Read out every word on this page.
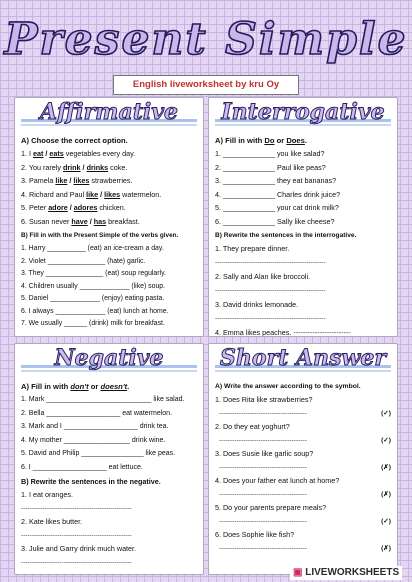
Present Simple
English liveworksheet by kru Oy
Affirmative
A) Choose the correct option.
1. I eat / eats vegetables every day.
2. You rarely drink / drinks coke.
3. Pamela like / likes strawberries.
4. Richard and Paul like / likes watermelon.
5. Peter adore / adores chicken.
6. Susan never have / has breakfast.
B) Fill in with the Present Simple of the verbs given.
1. Harry __________ (eat) an ice-cream a day.
2. Violet _______________ (hate) garlic.
3. They _______________ (eat) soup regularly.
4. Children usually _____________ (like) soup.
5. Daniel _____________ (enjoy) eating pasta.
6. I always _____________ (eat) lunch at home.
7. We usually ______ (drink) milk for breakfast.
Interrogative
A) Fill in with Do or Does.
1. _____________ you like salad?
2. _____________ Paul like peas?
3. _____________ they eat bananas?
4. _____________ Charles drink juice?
5. _____________ your cat drink milk?
6. _____________ Sally like cheese?
B) Rewrite the sentences in the interrogative.
1. They prepare dinner.
----------------------------------------------------
2. Sally and Alan like broccoli.
----------------------------------------------------
3. David drinks lemonade.
----------------------------------------------------
4. Emma likes peaches. ------------------------
Negative
A) Fill in with don't or doesn't.
1. Mark ___________________________ like salad.
2. Bella ___________________ eat watermelon.
3. Mark and I ___________________ drink tea.
4. My mother _________________ drink wine.
5. David and Philip ________________ like peas.
6. I ___________________ eat lettuce.
B) Rewrite the sentences in the negative.
1. I eat oranges.
----------------------------------------------------
2. Kate likes butter.
----------------------------------------------------
3. Julie and Garry drink much water.
----------------------------------------------------
Short Answer
A) Write the answer according to the symbol.
1. Does Rita like strawberries?
----------------------------------------	(✓)
2. Do they eat yoghurt?
----------------------------------------	(✓)
3. Does Susie like garlic soup?
----------------------------------------	(✗)
4. Does your father eat lunch at home?
----------------------------------------	(✗)
5. Do your parents prepare meals?
----------------------------------------	(✓)
6. Does Sophie like fish?
----------------------------------------	(✗)
▣ LIVEWORKSHEETS
